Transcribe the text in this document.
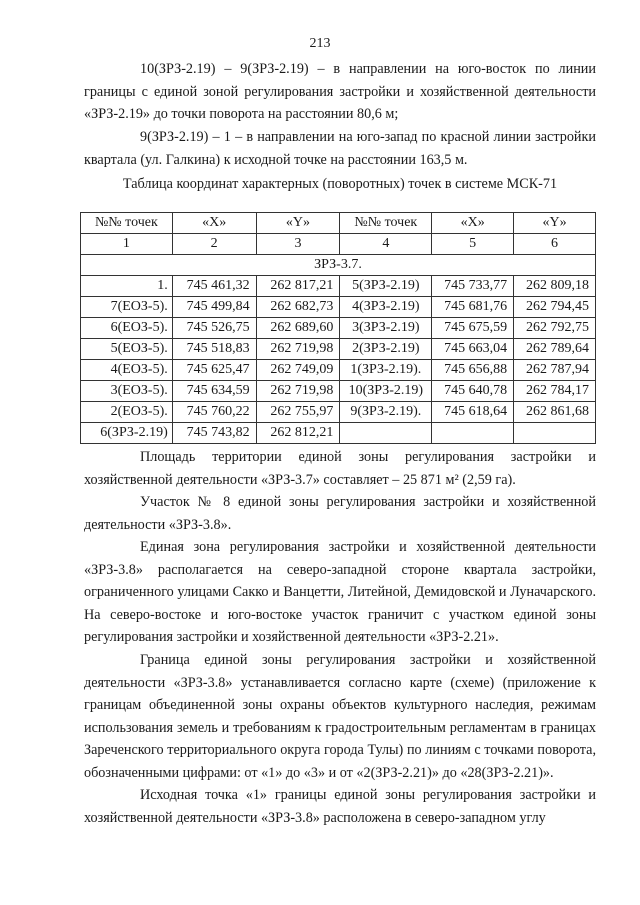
213

10(ЗРЗ-2.19) – 9(ЗРЗ-2.19) – в направлении на юго-восток по линии границы с единой зоной регулирования застройки и хозяйственной деятельности «ЗРЗ-2.19» до точки поворота на расстоянии 80,6 м;

9(ЗРЗ-2.19) – 1 – в направлении на юго-запад по красной линии застройки квартала (ул. Галкина) к исходной точке на расстоянии 163,5 м.

Таблица координат характерных (поворотных) точек в системе МСК-71
№№ точек	«X»	«Y»	№№ точек	«X»	«Y»
1	2	3	4	5	6
ЗРЗ-3.7.					
1.	745 461,32	262 817,21	5(ЗРЗ-2.19)	745 733,77	262 809,18
7(ЕОЗ-5).	745 499,84	262 682,73	4(ЗРЗ-2.19)	745 681,76	262 794,45
6(ЕОЗ-5).	745 526,75	262 689,60	3(ЗРЗ-2.19)	745 675,59	262 792,75
5(ЕОЗ-5).	745 518,83	262 719,98	2(ЗРЗ-2.19)	745 663,04	262 789,64
4(ЕОЗ-5).	745 625,47	262 749,09	1(ЗРЗ-2.19).	745 656,88	262 787,94
3(ЕОЗ-5).	745 634,59	262 719,98	10(ЗРЗ-2.19)	745 640,78	262 784,17
2(ЕОЗ-5).	745 760,22	262 755,97	9(ЗРЗ-2.19).	745 618,64	262 861,68
6(ЗРЗ-2.19)	745 743,82	262 812,21			

Площадь территории единой зоны регулирования застройки и хозяйственной деятельности «ЗРЗ-3.7» составляет – 25 871 м² (2,59 га).

Участок № 8 единой зоны регулирования застройки и хозяйственной деятельности «ЗРЗ-3.8».

Единая зона регулирования застройки и хозяйственной деятельности «ЗРЗ-3.8» располагается на северо-западной стороне квартала застройки, ограниченного улицами Сакко и Ванцетти, Литейной, Демидовской и Луначарского. На северо-востоке и юго-востоке участок граничит с участком единой зоны регулирования застройки и хозяйственной деятельности «ЗРЗ-2.21».

Граница единой зоны регулирования застройки и хозяйственной деятельности «ЗРЗ-3.8» устанавливается согласно карте (схеме) (приложение к границам объединенной зоны охраны объектов культурного наследия, режимам использования земель и требованиям к градостроительным регламентам в границах Зареченского территориального округа города Тулы) по линиям с точками поворота, обозначенными цифрами: от «1» до «3» и от «2(ЗРЗ-2.21)» до «28(ЗРЗ-2.21)».

Исходная точка «1» границы единой зоны регулирования застройки и хозяйственной деятельности «ЗРЗ-3.8» расположена в северо-западном углу
